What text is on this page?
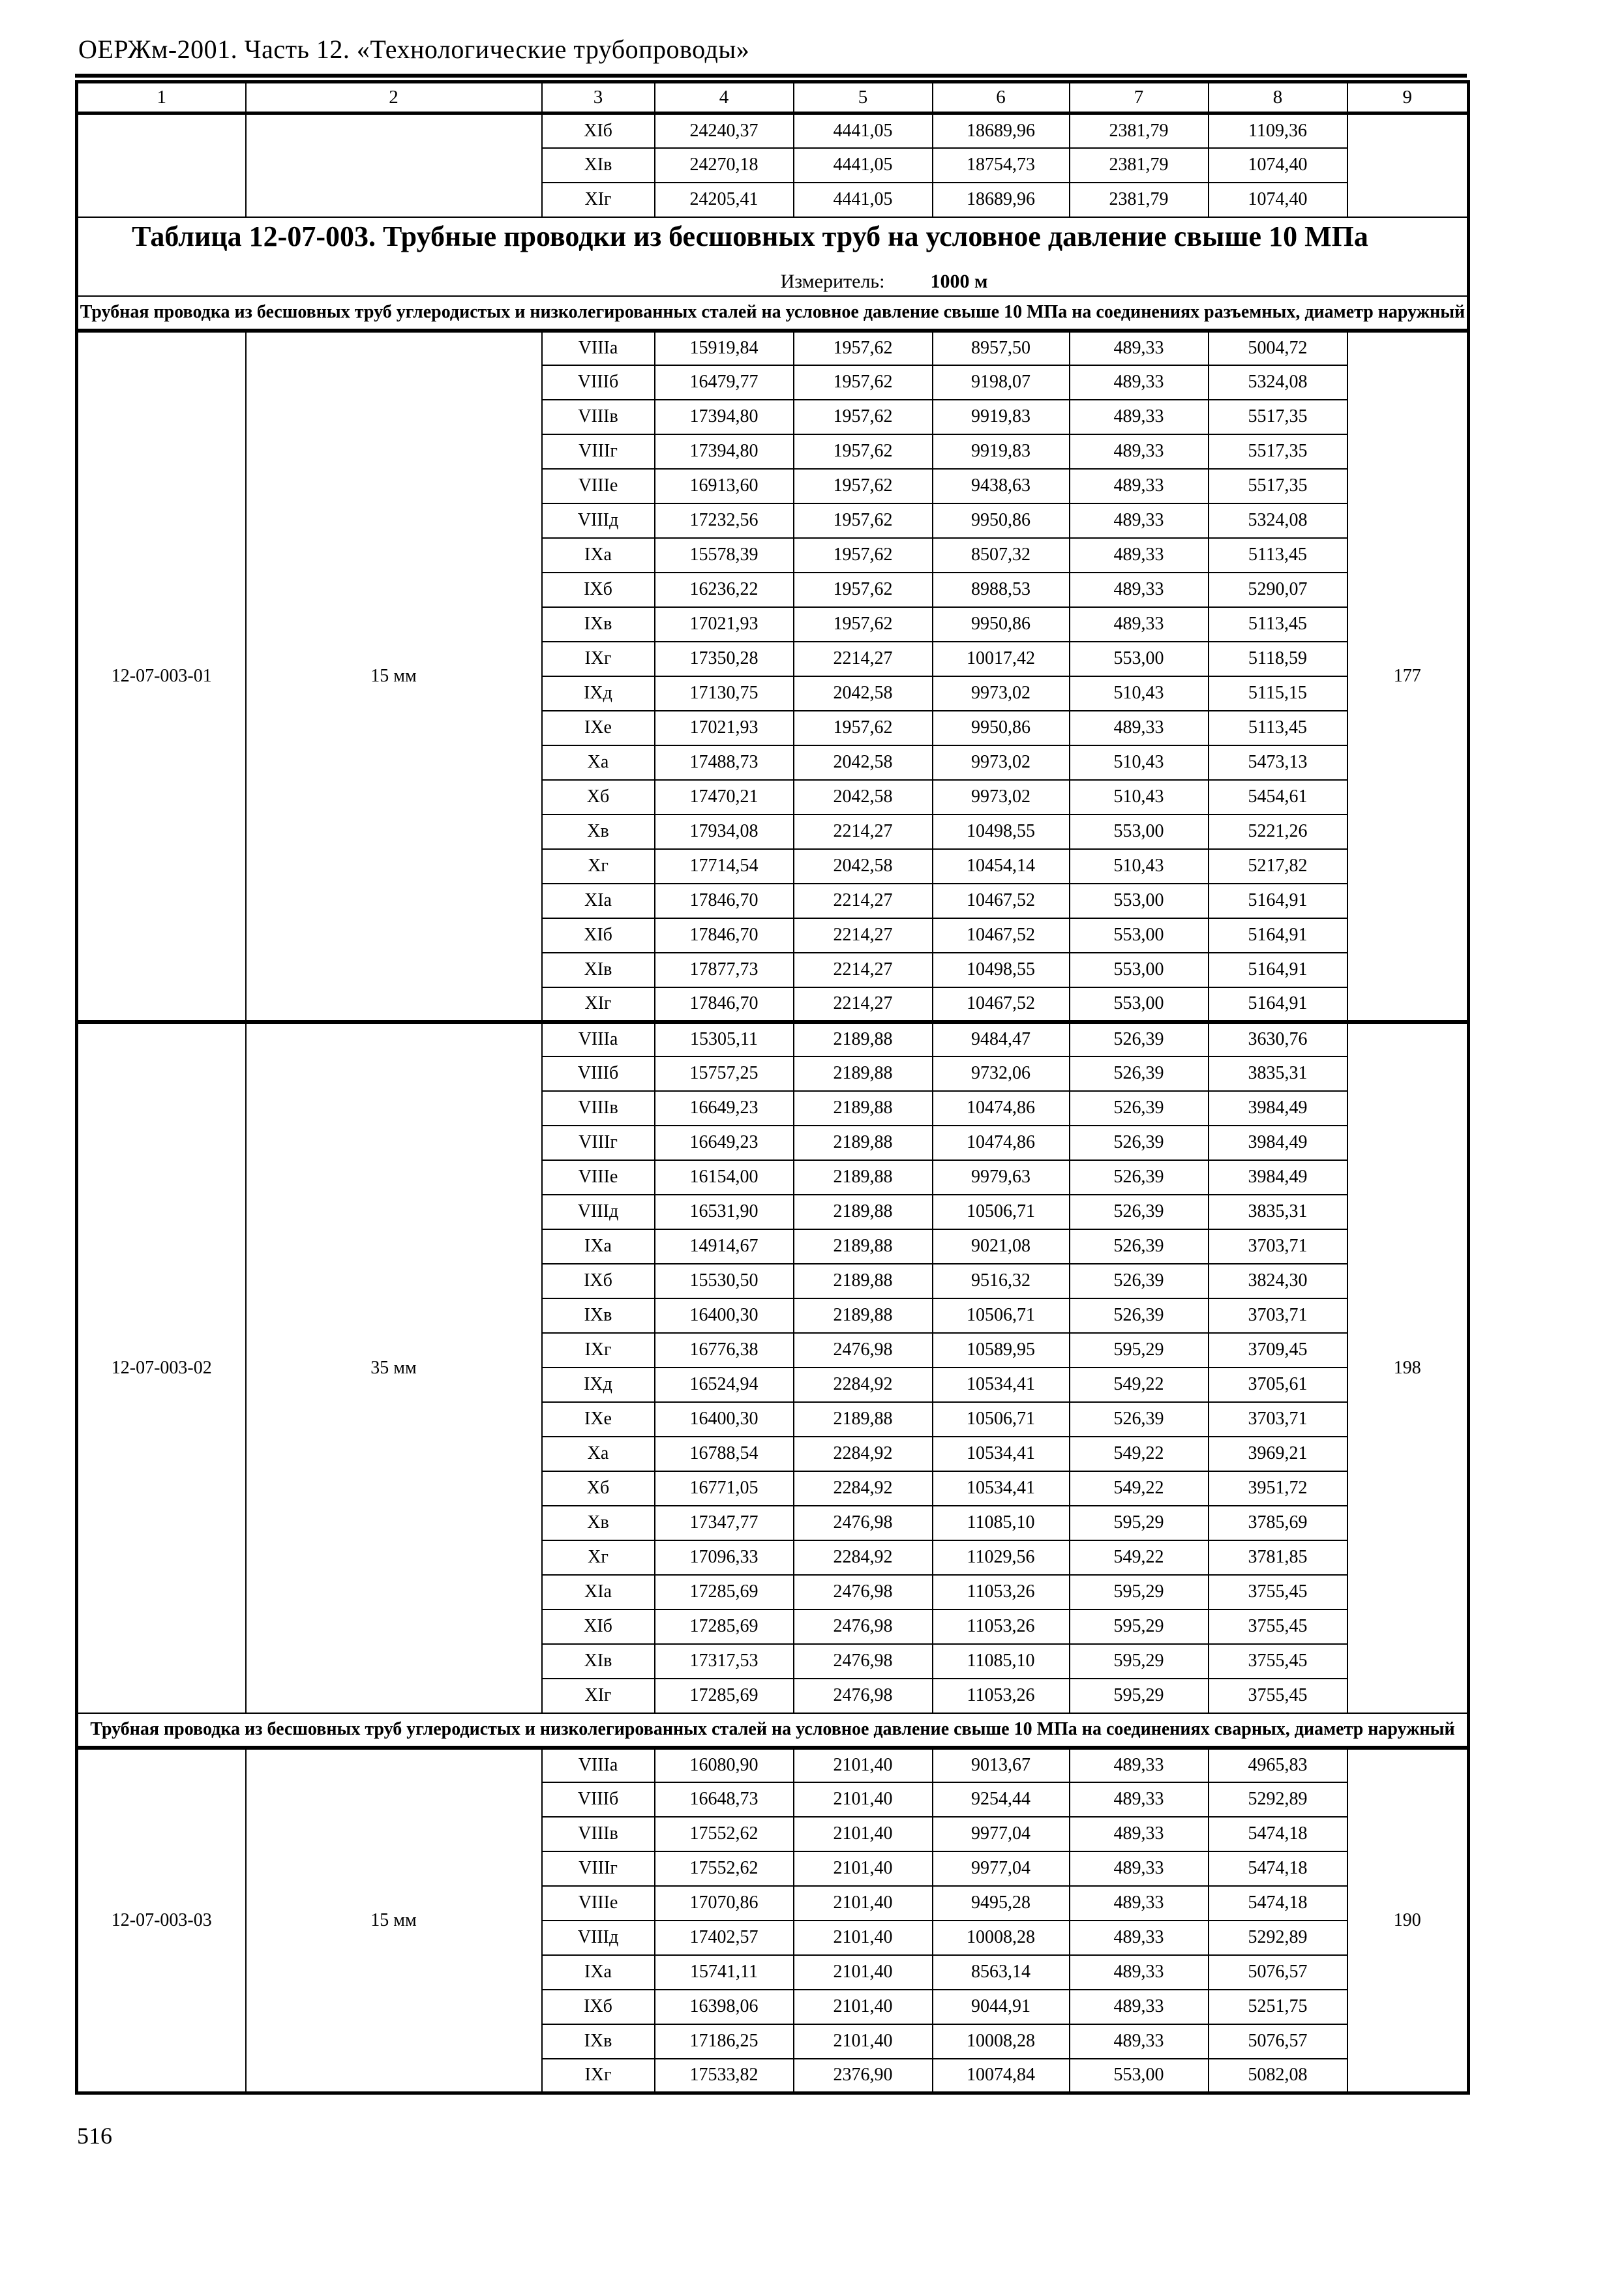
ОЕРЖм-2001. Часть 12. «Технологические трубопроводы»
1	2	3	4	5	6	7	8	9
		XIб	24240,37	4441,05	18689,96	2381,79	1109,36	
		XIв	24270,18	4441,05	18754,73	2381,79	1074,40	
		XIг	24205,41	4441,05	18689,96	2381,79	1074,40	

Таблица 12-07-003. Трубные проводки из бесшовных труб на условное давление свыше 10 МПа
Измеритель: 1000 м								

Трубная проводка из бесшовных труб углеродистых и низколегированных сталей на условное давление свыше 10 МПа на соединениях разъемных, диаметр наружный								
12-07-003-01	15 мм	VIIIа	15919,84	1957,62	8957,50	489,33	5004,72	177
		VIIIб	16479,77	1957,62	9198,07	489,33	5324,08	
		VIIIв	17394,80	1957,62	9919,83	489,33	5517,35	
		VIIIг	17394,80	1957,62	9919,83	489,33	5517,35	
		VIIIе	16913,60	1957,62	9438,63	489,33	5517,35	
		VIIIд	17232,56	1957,62	9950,86	489,33	5324,08	
		IXа	15578,39	1957,62	8507,32	489,33	5113,45	
		IXб	16236,22	1957,62	8988,53	489,33	5290,07	
		IXв	17021,93	1957,62	9950,86	489,33	5113,45	
		IXг	17350,28	2214,27	10017,42	553,00	5118,59	
		IXд	17130,75	2042,58	9973,02	510,43	5115,15	
		IXе	17021,93	1957,62	9950,86	489,33	5113,45	
		Xа	17488,73	2042,58	9973,02	510,43	5473,13	
		Xб	17470,21	2042,58	9973,02	510,43	5454,61	
		Xв	17934,08	2214,27	10498,55	553,00	5221,26	
		Xг	17714,54	2042,58	10454,14	510,43	5217,82	
		XIа	17846,70	2214,27	10467,52	553,00	5164,91	
		XIб	17846,70	2214,27	10467,52	553,00	5164,91	
		XIв	17877,73	2214,27	10498,55	553,00	5164,91	
		XIг	17846,70	2214,27	10467,52	553,00	5164,91	
12-07-003-02	35 мм	VIIIа	15305,11	2189,88	9484,47	526,39	3630,76	198
		VIIIб	15757,25	2189,88	9732,06	526,39	3835,31	
		VIIIв	16649,23	2189,88	10474,86	526,39	3984,49	
		VIIIг	16649,23	2189,88	10474,86	526,39	3984,49	
		VIIIе	16154,00	2189,88	9979,63	526,39	3984,49	
		VIIIд	16531,90	2189,88	10506,71	526,39	3835,31	
		IXа	14914,67	2189,88	9021,08	526,39	3703,71	
		IXб	15530,50	2189,88	9516,32	526,39	3824,30	
		IXв	16400,30	2189,88	10506,71	526,39	3703,71	
		IXг	16776,38	2476,98	10589,95	595,29	3709,45	
		IXд	16524,94	2284,92	10534,41	549,22	3705,61	
		IXе	16400,30	2189,88	10506,71	526,39	3703,71	
		Xа	16788,54	2284,92	10534,41	549,22	3969,21	
		Xб	16771,05	2284,92	10534,41	549,22	3951,72	
		Xв	17347,77	2476,98	11085,10	595,29	3785,69	
		Xг	17096,33	2284,92	11029,56	549,22	3781,85	
		XIа	17285,69	2476,98	11053,26	595,29	3755,45	
		XIб	17285,69	2476,98	11053,26	595,29	3755,45	
		XIв	17317,53	2476,98	11085,10	595,29	3755,45	
		XIг	17285,69	2476,98	11053,26	595,29	3755,45	
Трубная проводка из бесшовных труб углеродистых и низколегированных сталей на условное давление свыше 10 МПа на соединениях сварных, диаметр наружный								
12-07-003-03	15 мм	VIIIа	16080,90	2101,40	9013,67	489,33	4965,83	190
		VIIIб	16648,73	2101,40	9254,44	489,33	5292,89	
		VIIIв	17552,62	2101,40	9977,04	489,33	5474,18	
		VIIIг	17552,62	2101,40	9977,04	489,33	5474,18	
		VIIIе	17070,86	2101,40	9495,28	489,33	5474,18	
		VIIIд	17402,57	2101,40	10008,28	489,33	5292,89	
		IXа	15741,11	2101,40	8563,14	489,33	5076,57	
		IXб	16398,06	2101,40	9044,91	489,33	5251,75	
		IXв	17186,25	2101,40	10008,28	489,33	5076,57	
		IXг	17533,82	2376,90	10074,84	553,00	5082,08	
516
